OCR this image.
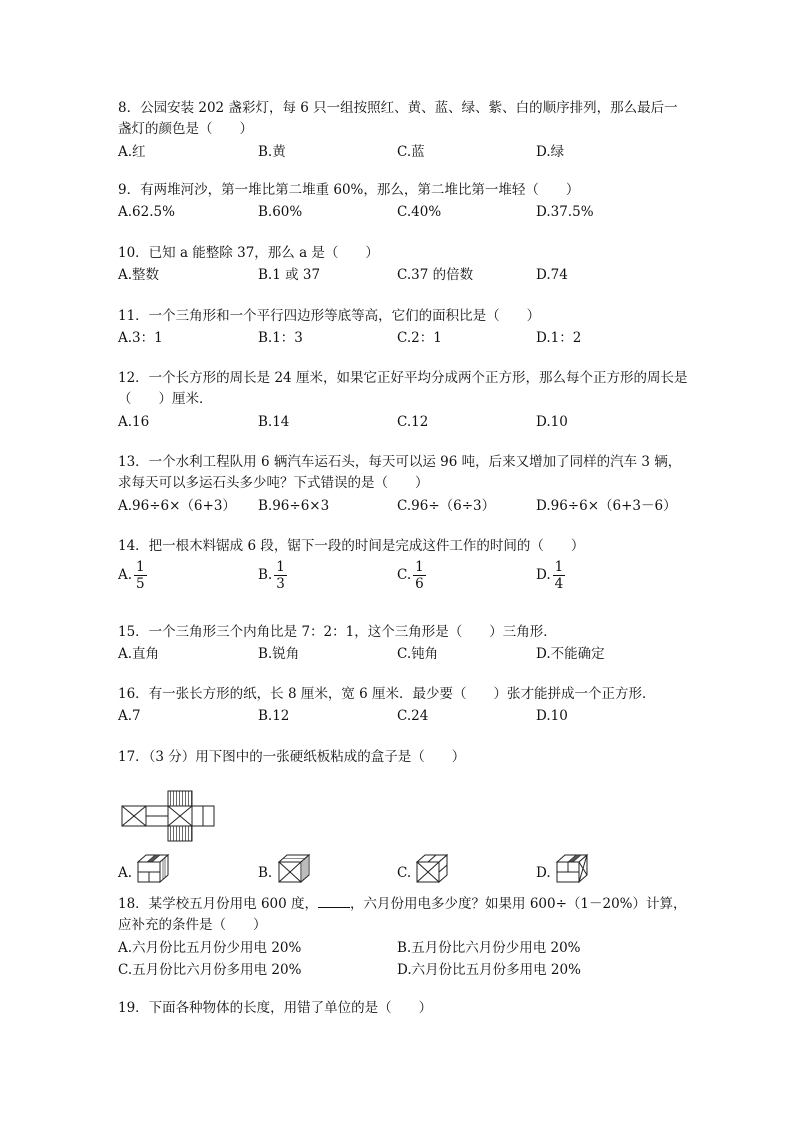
8．公园安装 202 盏彩灯，每 6 只一组按照红、黄、蓝、绿、紫、白的顺序排列，那么最后一盏灯的颜色是（　　）
A.红	B.黄	C.蓝	D.绿
9．有两堆河沙，第一堆比第二堆重 60%，那么，第二堆比第一堆轻（　　）
A.62.5%	B.60%	C.40%	D.37.5%
10．已知 a 能整除 37，那么 a 是（　　）
A.整数	B.1 或 37	C.37 的倍数	D.74
11．一个三角形和一个平行四边形等底等高，它们的面积比是（　　）
A.3：1	B.1：3	C.2：1	D.1：2
12．一个长方形的周长是 24 厘米，如果它正好平均分成两个正方形，那么每个正方形的周长是（　　）厘米．
A.16	B.14	C.12	D.10
13．一个水利工程队用 6 辆汽车运石头，每天可以运 96 吨，后来又增加了同样的汽车 3 辆，求每天可以多运石头多少吨？下式错误的是（　　）
A.96÷6×（6+3） B.96÷6×3	C.96÷（6÷3）	D.96÷6×（6+3－6）
14．把一根木料锯成 6 段，锯下一段的时间是完成这件工作的时间的（　　）
A. $\frac{1}{5}$	B. $\frac{1}{3}$	C. $\frac{1}{6}$	D. $\frac{1}{4}$
15．一个三角形三个内角比是 7：2：1，这个三角形是（　　）三角形．
A.直角	B.锐角	C.钝角	D.不能确定
16．有一张长方形的纸，长 8 厘米，宽 6 厘米．最少要（　　）张才能拼成一个正方形．
A.7	B.12	C.24	D.10
17．（3 分）用下图中的一张硬纸板粘成的盒子是（　　）
A.	B.	C.	D.
18．某学校五月份用电 600 度， ，六月份用电多少度？如果用 600÷（1－20%）计算，应补充的条件是（　　）
A.六月份比五月份少用电 20%	B.五月份比六月份少用电 20%
C.五月份比六月份多用电 20%	D.六月份比五月份多用电 20%
19．下面各种物体的长度，用错了单位的是（　　）
